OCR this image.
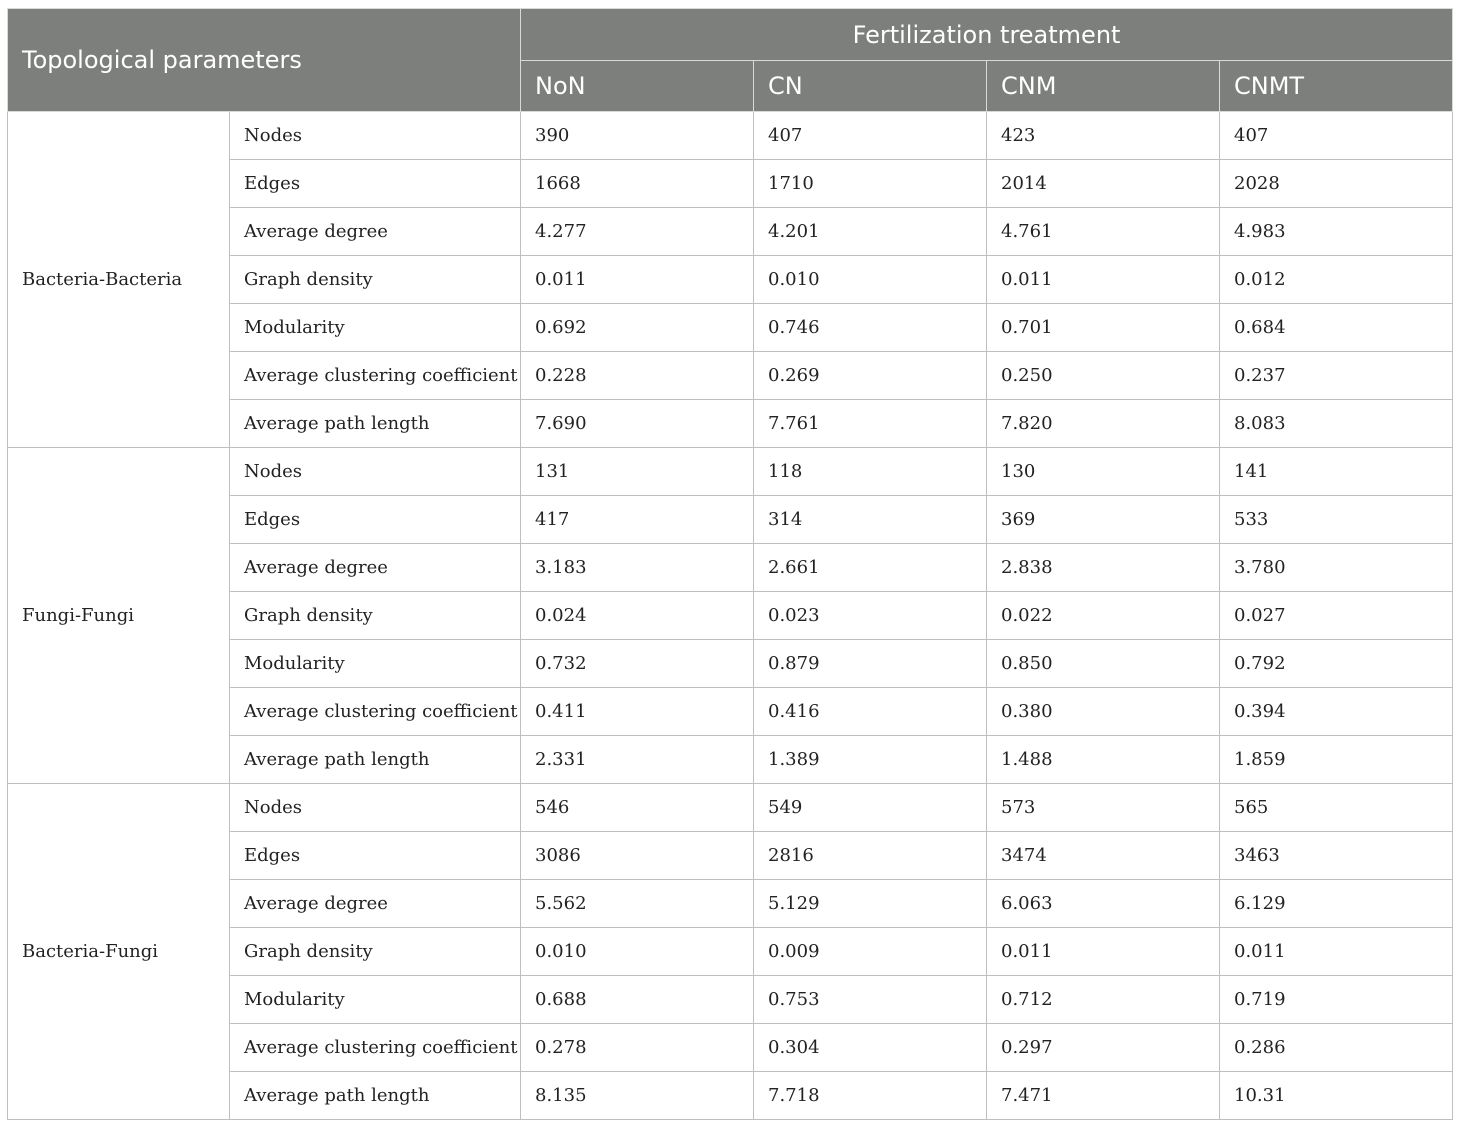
Topological parameters		Fertilization treatment			
		NoN	CN	CNM	CNMT
Bacteria-Bacteria	Nodes	390	407	423	407
	Edges	1668	1710	2014	2028
	Average degree	4.277	4.201	4.761	4.983
	Graph density	0.011	0.010	0.011	0.012
	Modularity	0.692	0.746	0.701	0.684
	Average clustering coefficient	0.228	0.269	0.250	0.237
	Average path length	7.690	7.761	7.820	8.083
Fungi-Fungi	Nodes	131	118	130	141
	Edges	417	314	369	533
	Average degree	3.183	2.661	2.838	3.780
	Graph density	0.024	0.023	0.022	0.027
	Modularity	0.732	0.879	0.850	0.792
	Average clustering coefficient	0.411	0.416	0.380	0.394
	Average path length	2.331	1.389	1.488	1.859
Bacteria-Fungi	Nodes	546	549	573	565
	Edges	3086	2816	3474	3463
	Average degree	5.562	5.129	6.063	6.129
	Graph density	0.010	0.009	0.011	0.011
	Modularity	0.688	0.753	0.712	0.719
	Average clustering coefficient	0.278	0.304	0.297	0.286
	Average path length	8.135	7.718	7.471	10.31
